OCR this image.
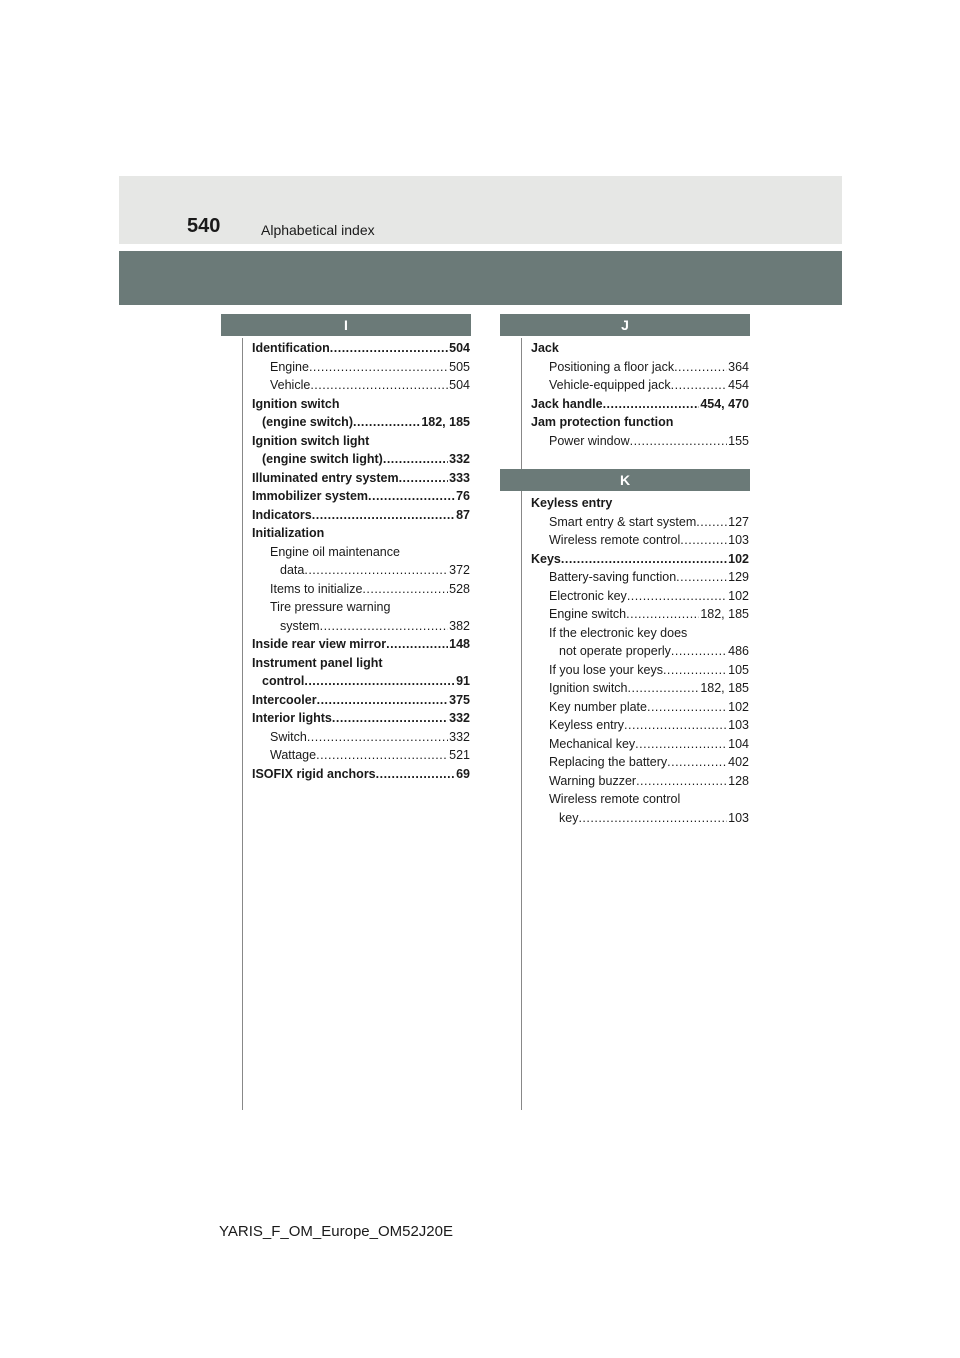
540	Alphabetical index
I	J
K
Identification .....	504
Engine .....	505
Vehicle .....	504
Ignition switch
(engine switch) .....	182, 185
Ignition switch light
(engine switch light) .....	332
Illuminated entry system .....	333
Immobilizer system .....	76
Indicators .....	87
Initialization
Engine oil maintenance
data .....	372
Items to initialize .....	528
Tire pressure warning
system .....	382
Inside rear view mirror .....	148
Instrument panel light
control .....	91
Intercooler .....	375
Interior lights .....	332
Switch .....	332
Wattage .....	521
ISOFIX rigid anchors .....	69
Jack
Positioning a floor jack .....	364
Vehicle-equipped jack .....	454
Jack handle .....	454, 470
Jam protection function
Power window .....	155
Keyless entry
Smart entry & start system .....	127
Wireless remote control .....	103
Keys .....	102
Battery-saving function .....	129
Electronic key .....	102
Engine switch .....	182, 185
If the electronic key does
not operate properly .....	486
If you lose your keys .....	105
Ignition switch .....	182, 185
Key number plate .....	102
Keyless entry .....	103
Mechanical key .....	104
Replacing the battery .....	402
Warning buzzer .....	128
Wireless remote control
key .....	103
YARIS_F_OM_Europe_OM52J20E
